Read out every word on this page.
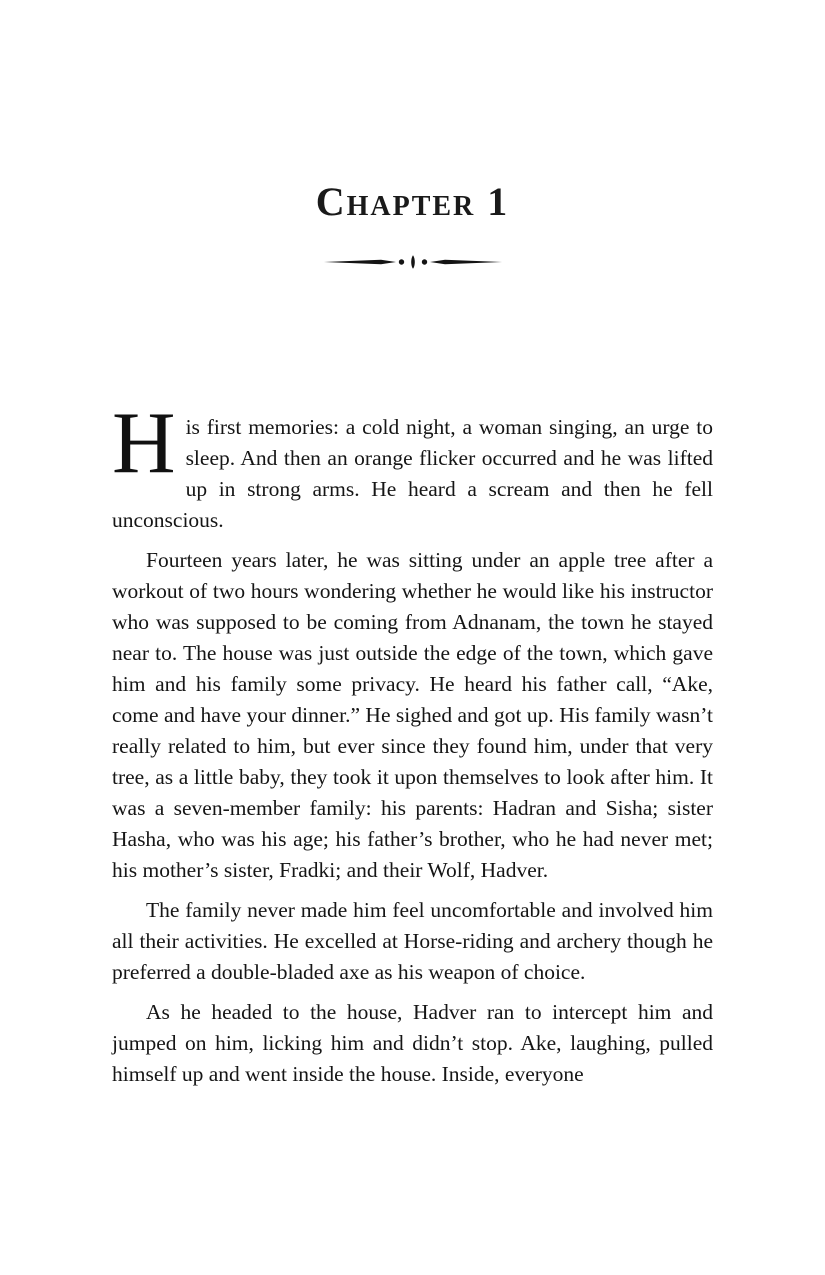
Chapter 1

His first memories: a cold night, a woman singing, an urge to sleep. And then an orange flicker occurred and he was lifted up in strong arms. He heard a scream and then he fell unconscious.

Fourteen years later, he was sitting under an apple tree after a workout of two hours wondering whether he would like his instructor who was supposed to be coming from Adnanam, the town he stayed near to. The house was just outside the edge of the town, which gave him and his family some privacy. He heard his father call, “Ake, come and have your dinner.” He sighed and got up. His family wasn’t really related to him, but ever since they found him, under that very tree, as a little baby, they took it upon themselves to look after him. It was a seven-member family: his parents: Hadran and Sisha; sister Hasha, who was his age; his father’s brother, who he had never met; his mother’s sister, Fradki; and their Wolf, Hadver.

The family never made him feel uncomfortable and involved him all their activities. He excelled at Horse-riding and archery though he preferred a double-bladed axe as his weapon of choice.

As he headed to the house, Hadver ran to intercept him and jumped on him, licking him and didn’t stop. Ake, laughing, pulled himself up and went inside the house. Inside, everyone
